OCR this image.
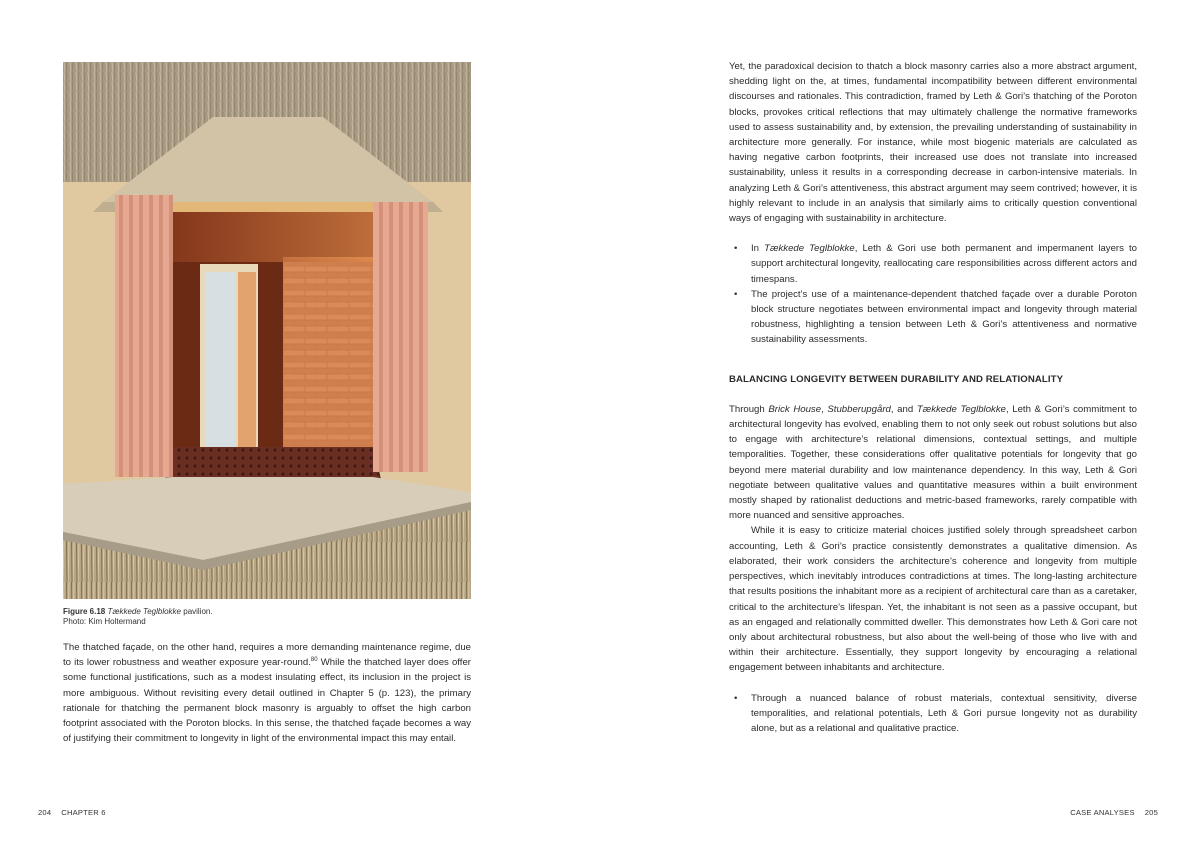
Figure 6.18 Tækkede Teglblokke pavilion.
Photo: Kim Holtermand

The thatched façade, on the other hand, requires a more demanding maintenance regime, due to its lower robustness and weather exposure year-round.$^{80}$ While the thatched layer does offer some functional justifications, such as a modest insulating effect, its inclusion in the project is more ambiguous. Without revisiting every detail outlined in Chapter 5 (p. 123), the primary rationale for thatching the permanent block masonry is arguably to offset the high carbon footprint associated with the Poroton blocks. In this sense, the thatched façade becomes a way of justifying their commitment to longevity in light of the environmental impact this may entail.

Yet, the paradoxical decision to thatch a block masonry carries also a more abstract argument, shedding light on the, at times, fundamental incompatibility between different environmental discourses and rationales. This contradiction, framed by Leth & Gori’s thatching of the Poroton blocks, provokes critical reflections that may ultimately challenge the normative frameworks used to assess sustainability and, by extension, the prevailing understanding of sustainability in architecture more generally. For instance, while most biogenic materials are calculated as having negative carbon footprints, their increased use does not translate into increased sustainability, unless it results in a corresponding decrease in carbon-intensive materials. In analyzing Leth & Gori’s attentiveness, this abstract argument may seem contrived; however, it is highly relevant to include in an analysis that similarly aims to critically question conventional ways of engaging with sustainability in architecture.

• In Tækkede Teglblokke, Leth & Gori use both permanent and impermanent layers to support architectural longevity, reallocating care responsibilities across different actors and timespans.
• The project’s use of a maintenance-dependent thatched façade over a durable Poroton block structure negotiates between environmental impact and longevity through material robustness, highlighting a tension between Leth & Gori’s attentiveness and normative sustainability assessments.

BALANCING LONGEVITY BETWEEN DURABILITY AND RELATIONALITY

Through Brick House, Stubberupgård, and Tækkede Teglblokke, Leth & Gori’s commitment to architectural longevity has evolved, enabling them to not only seek out robust solutions but also to engage with architecture’s relational dimensions, contextual settings, and multiple temporalities. Together, these considerations offer qualitative potentials for longevity that go beyond mere material durability and low maintenance dependency. In this way, Leth & Gori negotiate between qualitative values and quantitative measures within a built environment mostly shaped by rationalist deductions and metric-based frameworks, rarely compatible with more nuanced and sensitive approaches.

While it is easy to criticize material choices justified solely through spreadsheet carbon accounting, Leth & Gori’s practice consistently demonstrates a qualitative dimension. As elaborated, their work considers the architecture’s coherence and longevity from multiple perspectives, which inevitably introduces contradictions at times. The long-lasting architecture that results positions the inhabitant more as a recipient of architectural care than as a caretaker, critical to the architecture’s lifespan. Yet, the inhabitant is not seen as a passive occupant, but as an engaged and relationally committed dweller. This demonstrates how Leth & Gori care not only about architectural robustness, but also about the well-being of those who live with and within their architecture. Essentially, they support longevity by encouraging a relational engagement between inhabitants and architecture.

• Through a nuanced balance of robust materials, contextual sensitivity, diverse temporalities, and relational potentials, Leth & Gori pursue longevity not as durability alone, but as a relational and qualitative practice.
204 CHAPTER 6	CASE ANALYSES 205
